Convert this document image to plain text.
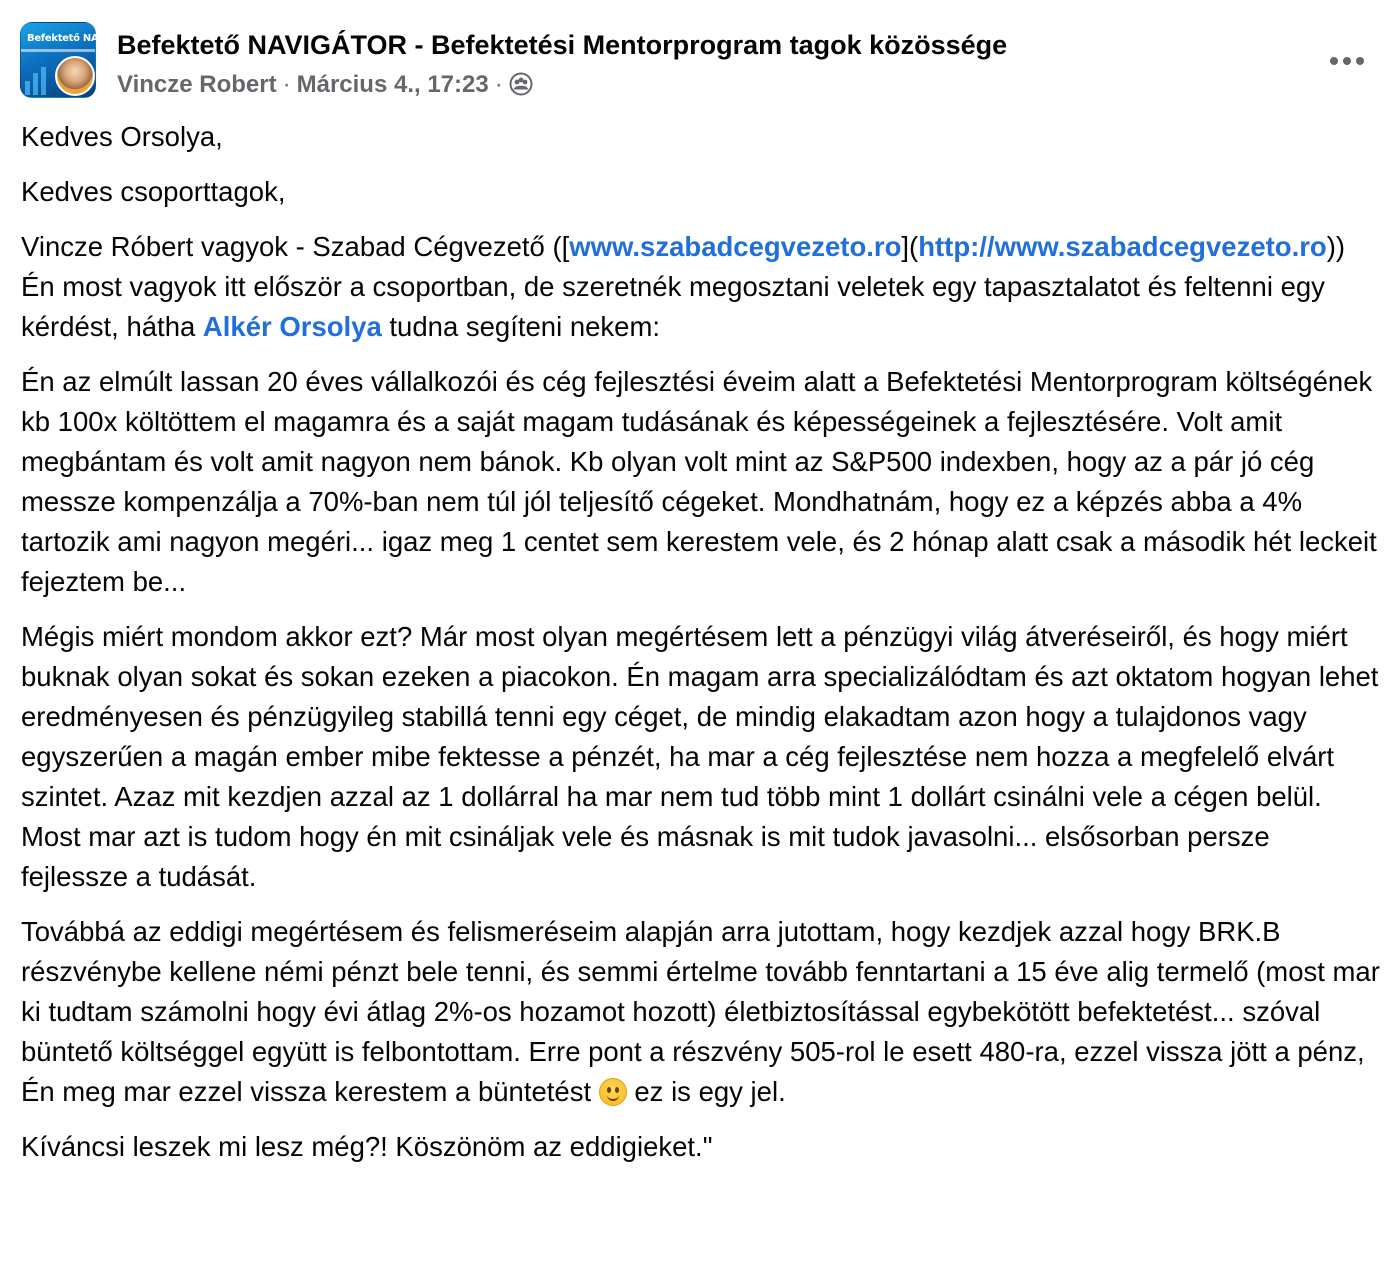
Befektető NAVI Befektető NAVIGÁTOR - Befektetési Mentorprogram tagok közössége
Vincze Robert · Március 4., 17:23 ·

Kedves Orsolya,

Kedves csoporttagok,

Vincze Róbert vagyok - Szabad Cégvezető ([www.szabadcegvezeto.ro](http://www.szabadcegvezeto.ro)) Én most vagyok itt először a csoportban, de szeretnék megosztani veletek egy tapasztalatot és feltenni egy kérdést, hátha Alkér Orsolya tudna segíteni nekem:

Én az elmúlt lassan 20 éves vállalkozói és cég fejlesztési éveim alatt a Befektetési Mentorprogram költségének kb 100x költöttem el magamra és a saját magam tudásának és képességeinek a fejlesztésére. Volt amit megbántam és volt amit nagyon nem bánok. Kb olyan volt mint az S&P500 indexben, hogy az a pár jó cég messze kompenzálja a 70%-ban nem túl jól teljesítő cégeket. Mondhatnám, hogy ez a képzés abba a 4% tartozik ami nagyon megéri... igaz meg 1 centet sem kerestem vele, és 2 hónap alatt csak a második hét leckeit fejeztem be...

Mégis miért mondom akkor ezt? Már most olyan megértésem lett a pénzügyi világ átveréseiről, és hogy miért buknak olyan sokat és sokan ezeken a piacokon. Én magam arra specializálódtam és azt oktatom hogyan lehet eredményesen és pénzügyileg stabillá tenni egy céget, de mindig elakadtam azon hogy a tulajdonos vagy egyszerűen a magán ember mibe fektesse a pénzét, ha mar a cég fejlesztése nem hozza a megfelelő elvárt szintet. Azaz mit kezdjen azzal az 1 dollárral ha mar nem tud több mint 1 dollárt csinálni vele a cégen belül. Most mar azt is tudom hogy én mit csináljak vele és másnak is mit tudok javasolni... elsősorban persze fejlessze a tudását.

Továbbá az eddigi megértésem és felismeréseim alapján arra jutottam, hogy kezdjek azzal hogy BRK.B részvénybe kellene némi pénzt bele tenni, és semmi értelme tovább fenntartani a 15 éve alig termelő (most mar ki tudtam számolni hogy évi átlag 2%-os hozamot hozott) életbiztosítással egybekötött befektetést... szóval büntető költséggel együtt is felbontottam. Erre pont a részvény 505-rol le esett 480-ra, ezzel vissza jött a pénz, Én meg mar ezzel vissza kerestem a büntetést
ez is egy jel.

Kíváncsi leszek mi lesz még?! Köszönöm az eddigieket."
